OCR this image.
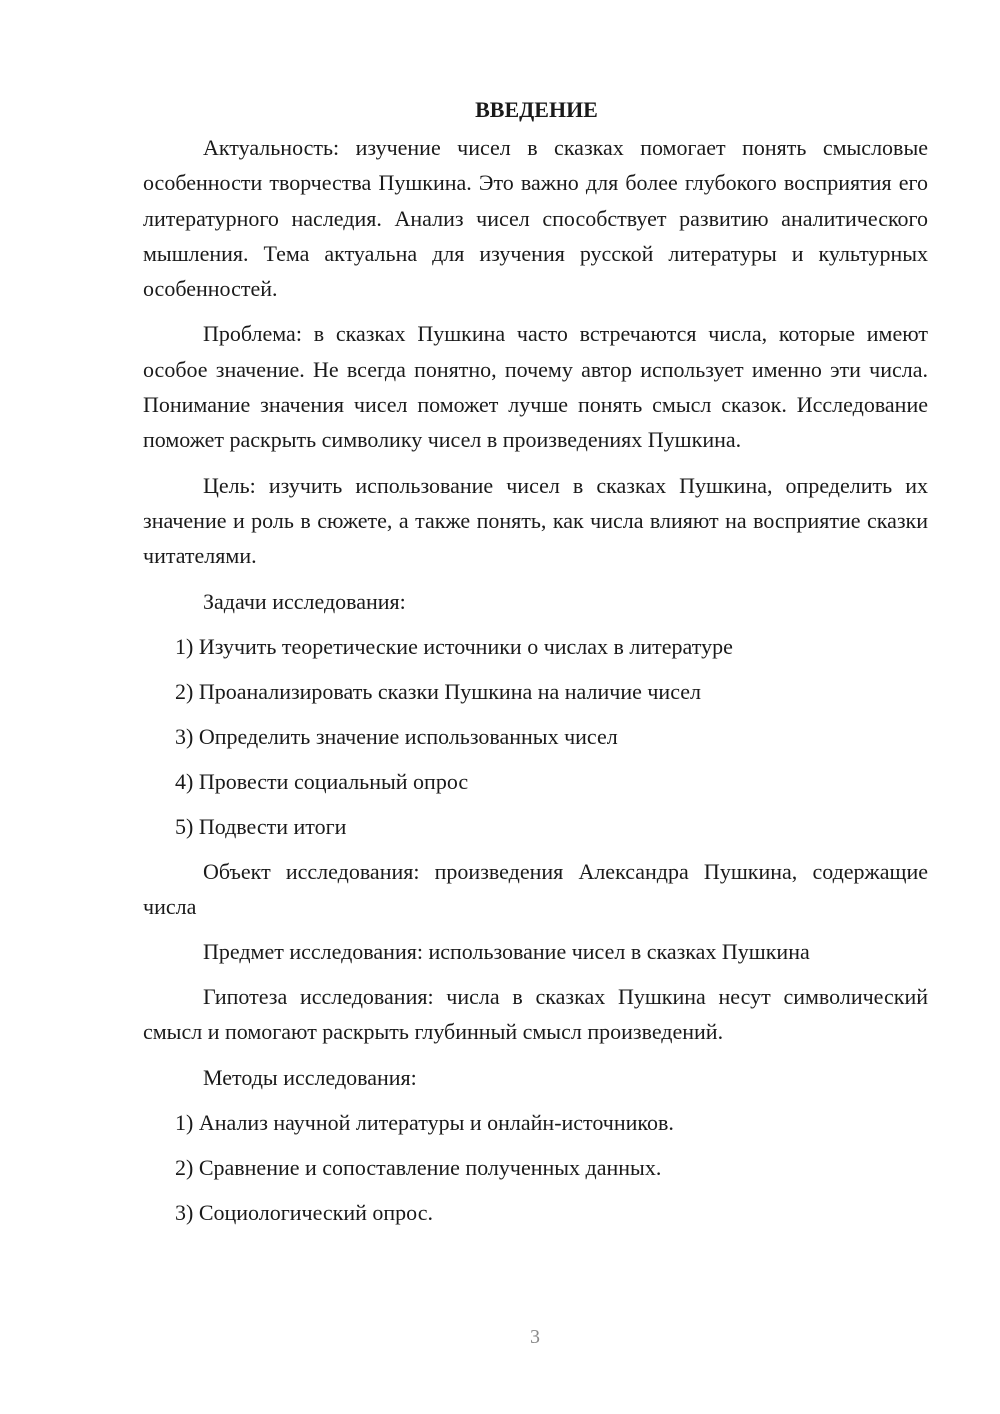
ВВЕДЕНИЕ

Актуальность: изучение чисел в сказках помогает понять смысловые особенности творчества Пушкина. Это важно для более глубокого восприятия его литературного наследия. Анализ чисел способствует развитию аналитического мышления. Тема актуальна для изучения русской литературы и культурных особенностей.

Проблема: в сказках Пушкина часто встречаются числа, которые имеют особое значение. Не всегда понятно, почему автор использует именно эти числа. Понимание значения чисел поможет лучше понять смысл сказок. Исследование поможет раскрыть символику чисел в произведениях Пушкина.

Цель: изучить использование чисел в сказках Пушкина, определить их значение и роль в сюжете, а также понять, как числа влияют на восприятие сказки читателями.

Задачи исследования:
1) Изучить теоретические источники о числах в литературе
2) Проанализировать сказки Пушкина на наличие чисел
3) Определить значение использованных чисел
4) Провести социальный опрос
5) Подвести итоги

Объект исследования: произведения Александра Пушкина, содержащие числа

Предмет исследования: использование чисел в сказках Пушкина

Гипотеза исследования: числа в сказках Пушкина несут символический смысл и помогают раскрыть глубинный смысл произведений.

Методы исследования:
1) Анализ научной литературы и онлайн-источников.
2) Сравнение и сопоставление полученных данных.
3) Социологический опрос.
3
